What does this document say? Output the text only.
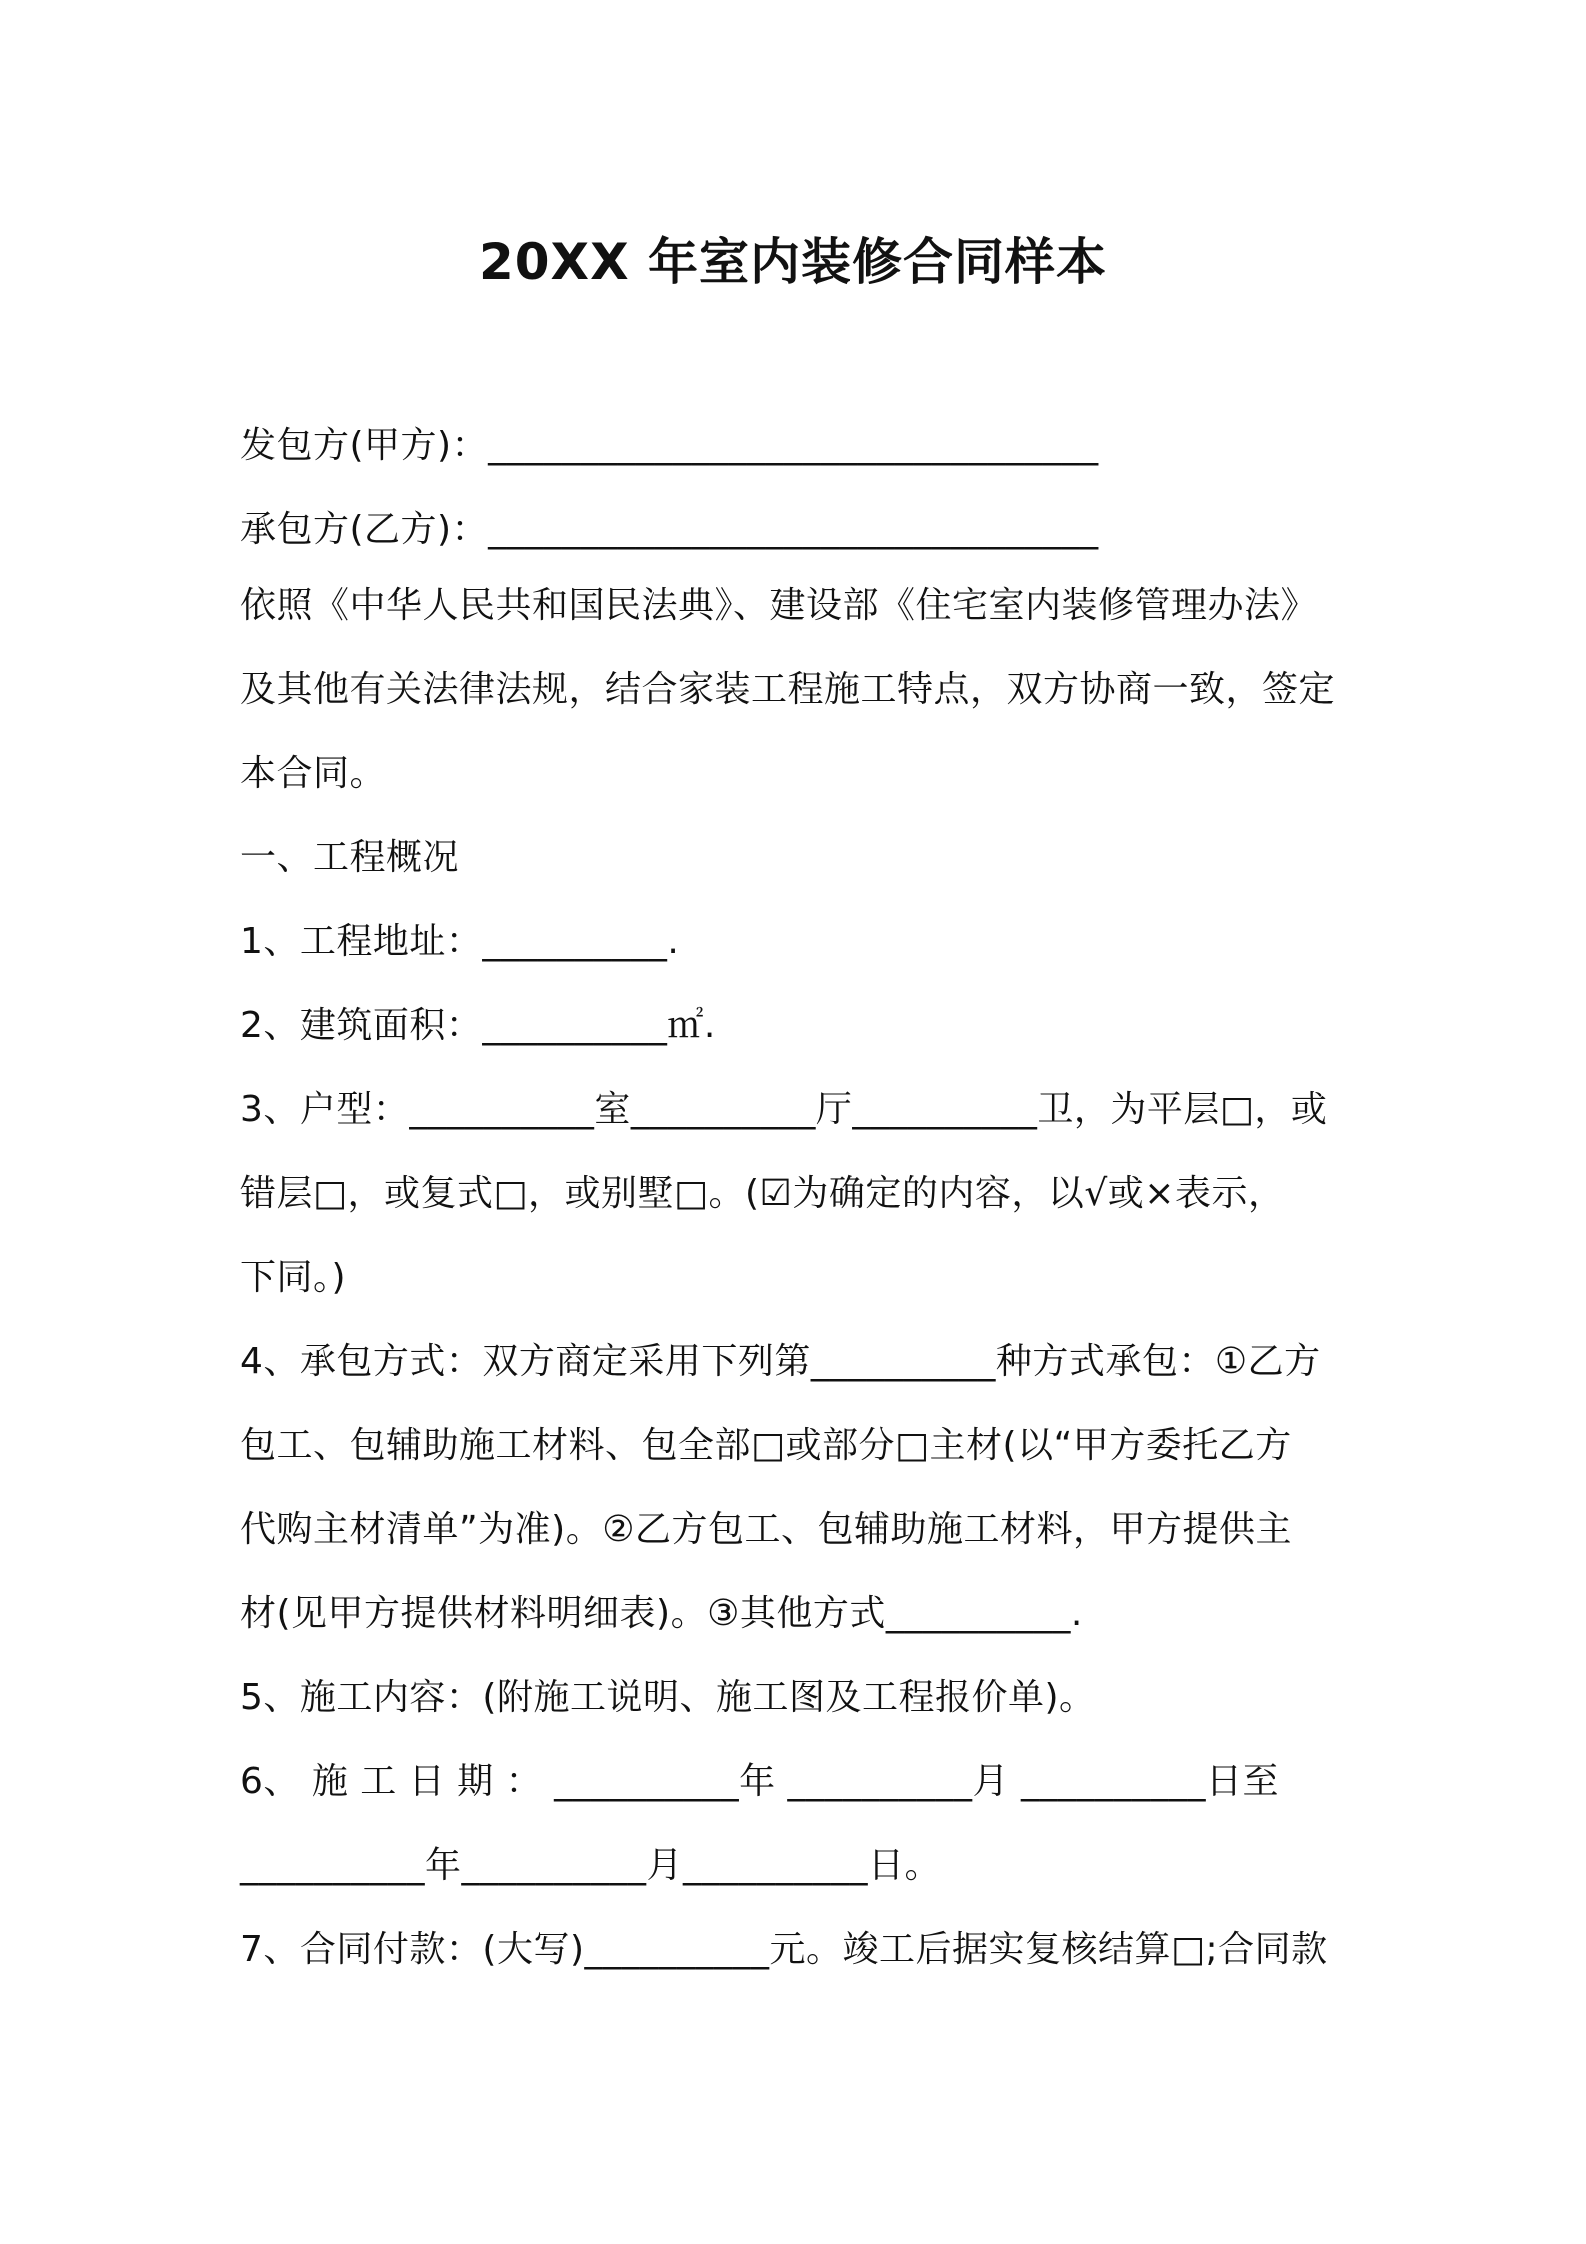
20XX 年室内装修合同样本
发包方(甲方)：_________________________________
承包方(乙方)：_________________________________
依照《中华人民共和国民法典》、建设部《住宅室内装修管理办法》
及其他有关法律法规，结合家装工程施工特点，双方协商一致，签定
本合同。
一、工程概况
1、工程地址：__________.
2、建筑面积：__________㎡.
3、户型：__________室__________厅__________卫，为平层□，或
错层□，或复式□，或别墅□。(☑为确定的内容，以√或×表示，
下同。)
4、承包方式：双方商定采用下列第__________种方式承包：①乙方
包工、包辅助施工材料、包全部□或部分□主材(以“甲方委托乙方
代购主材清单”为准)。②乙方包工、包辅助施工材料，甲方提供主
材(见甲方提供材料明细表)。③其他方式__________.
5、施工内容：(附施工说明、施工图及工程报价单)。
6、 施 工 日 期 ： __________年 __________月 __________日至
__________年__________月__________日。
7、合同付款：(大写)__________元。竣工后据实复核结算□;合同款
